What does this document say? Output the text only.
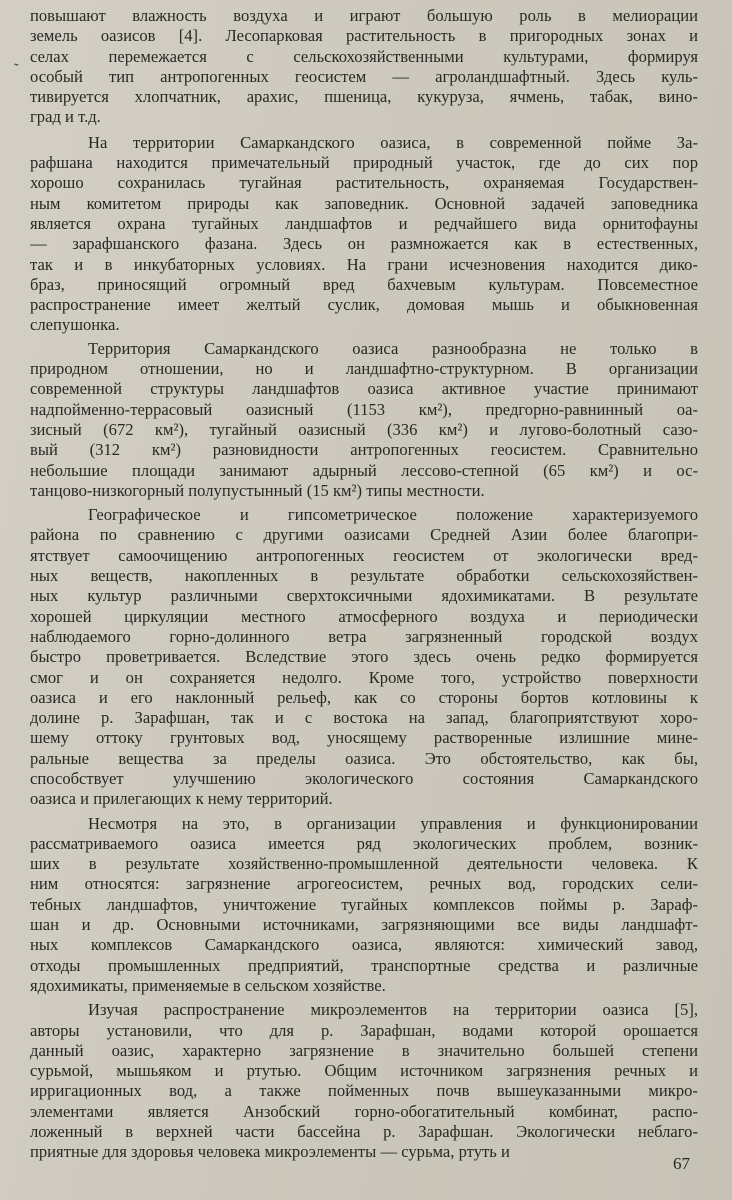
˷
повышают влажность воздуха и играют большую роль в мелиорации
земель оазисов [4]. Лесопарковая растительность в пригородных зонах и
селах перемежается с сельскохозяйственными культурами, формируя
особый тип антропогенных геосистем — агроландшафтный. Здесь куль-
тивируется хлопчатник, арахис, пшеница, кукуруза, ячмень, табак, вино-
град и т.д.
На территории Самаркандского оазиса, в современной пойме За-
рафшана находится примечательный природный участок, где до сих пор
хорошо сохранилась тугайная растительность, охраняемая Государствен-
ным комитетом природы как заповедник. Основной задачей заповедника
является охрана тугайных ландшафтов и редчайшего вида орнитофауны
— зарафшанского фазана. Здесь он размножается как в естественных,
так и в инкубаторных условиях. На грани исчезновения находится дико-
браз, приносящий огромный вред бахчевым культурам. Повсеместное
распространение имеет желтый суслик, домовая мышь и обыкновенная
слепушонка.
Территория Самаркандского оазиса разнообразна не только в
природном отношении, но и ландшафтно-структурном. В организации
современной структуры ландшафтов оазиса активное участие принимают
надпойменно-террасовый оазисный (1153 км²), предгорно-равнинный оа-
зисный (672 км²), тугайный оазисный (336 км²) и лугово-болотный сазо-
вый (312 км²) разновидности антропогенных геосистем. Сравнительно
небольшие площади занимают адырный лессово-степной (65 км²) и ос-
танцово-низкогорный полупустынный (15 км²) типы местности.
Географическое и гипсометрическое положение характеризуемого
района по сравнению с другими оазисами Средней Азии более благопри-
ятствует самоочищению антропогенных геосистем от экологически вред-
ных веществ, накопленных в результате обработки сельскохозяйствен-
ных культур различными сверхтоксичными ядохимикатами. В результате
хорошей циркуляции местного атмосферного воздуха и периодически
наблюдаемого горно-долинного ветра загрязненный городской воздух
быстро проветривается. Вследствие этого здесь очень редко формируется
смог и он сохраняется недолго. Кроме того, устройство поверхности
оазиса и его наклонный рельеф, как со стороны бортов котловины к
долине р. Зарафшан, так и с востока на запад, благоприятствуют хоро-
шему оттоку грунтовых вод, уносящему растворенные излишние мине-
ральные вещества за пределы оазиса. Это обстоятельство, как бы,
способствует улучшению экологического состояния Самаркандского
оазиса и прилегающих к нему территорий.
Несмотря на это, в организации управления и функционировании
рассматриваемого оазиса имеется ряд экологических проблем, возник-
ших в результате хозяйственно-промышленной деятельности человека. К
ним относятся: загрязнение агрогеосистем, речных вод, городских сели-
тебных ландшафтов, уничтожение тугайных комплексов поймы р. Зараф-
шан и др. Основными источниками, загрязняющими все виды ландшафт-
ных комплексов Самаркандского оазиса, являются: химический завод,
отходы промышленных предприятий, транспортные средства и различные
ядохимикаты, применяемые в сельском хозяйстве.
Изучая распространение микроэлементов на территории оазиса [5],
авторы установили, что для р. Зарафшан, водами которой орошается
данный оазис, характерно загрязнение в значительно большей степени
сурьмой, мышьяком и ртутью. Общим источником загрязнения речных и
ирригационных вод, а также пойменных почв вышеуказанными микро-
элементами является Анзобский горно-обогатительный комбинат, распо-
ложенный в верхней части бассейна р. Зарафшан. Экологически неблаго-
приятные для здоровья человека микроэлементы — сурьма, ртуть и
67
